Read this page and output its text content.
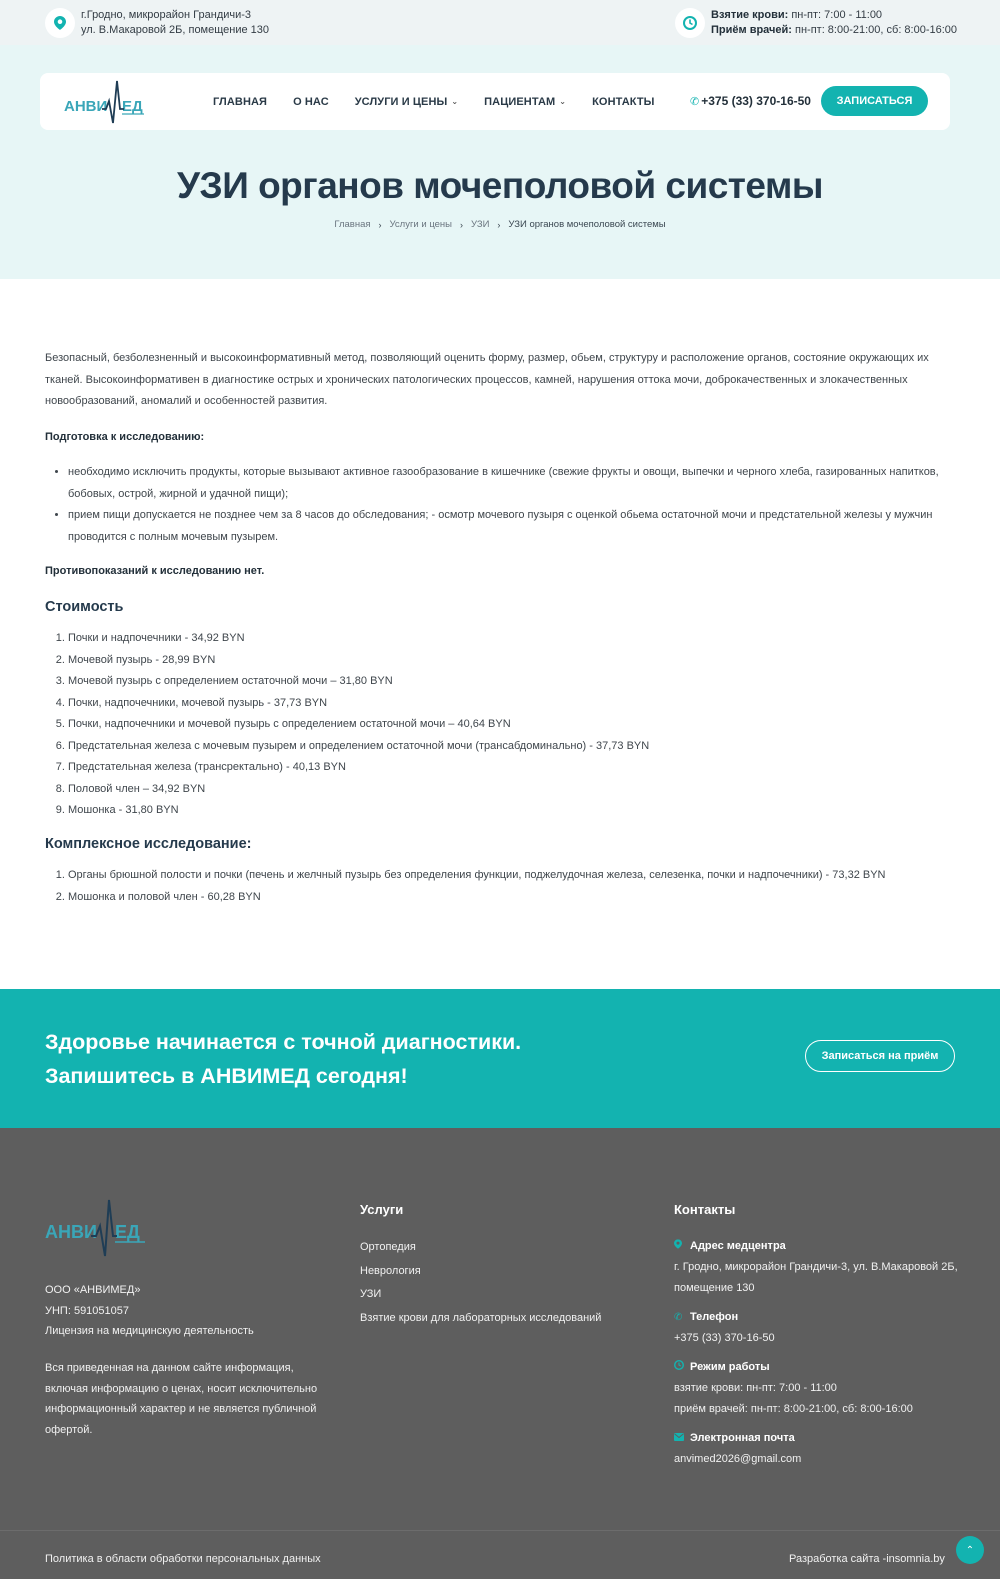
г.Гродно, микрорайон Грандичи-3
ул. В.Макаровой 2Б, помещение 130
Взятие крови: пн-пт: 7:00 - 11:00
Приём врачей: пн-пт: 8:00-21:00, сб: 8:00-16:00
АНВИ ЕД	ГЛАВНАЯ О НАС УСЛУГИ И ЦЕНЫ ⌄ ПАЦИЕНТАМ ⌄ КОНТАКТЫ	✆ +375 (33) 370-16-50	ЗАПИСАТЬСЯ
УЗИ органов мочеполовой системы
Главная › Услуги и цены › УЗИ › УЗИ органов мочеполовой системы

Безопасный, безболезненный и высокоинформативный метод, позволяющий оценить форму, размер, обьем, структуру и расположение органов, состояние окружающих их тканей. Высокоинформативен в диагностике острых и хронических патологических процессов, камней, нарушения оттока мочи, доброкачественных и злокачественных новообразований, аномалий и особенностей развития.

Подготовка к исследованию:

• необходимо исключить продукты, которые вызывают активное газообразование в кишечнике (свежие фрукты и овощи, выпечки и черного хлеба, газированных напитков, бобовых, острой, жирной и удачной пищи);
• прием пищи допускается не позднее чем за 8 часов до обследования; - осмотр мочевого пузыря с оценкой обьема остаточной мочи и предстательной железы у мужчин проводится с полным мочевым пузырем.

Противопоказаний к исследованию нет.

Стоимость
1. Почки и надпочечники - 34,92 BYN
2. Мочевой пузырь - 28,99 BYN
3. Мочевой пузырь с определением остаточной мочи – 31,80 BYN
4. Почки, надпочечники, мочевой пузырь - 37,73 BYN
5. Почки, надпочечники и мочевой пузырь с определением остаточной мочи – 40,64 BYN
6. Предстательная железа с мочевым пузырем и определением остаточной мочи (трансабдоминально) - 37,73 BYN
7. Предстательная железа (трансректально) - 40,13 BYN
8. Половой член – 34,92 BYN
9. Мошонка - 31,80 BYN
Комплексное исследование:
1. Органы брюшной полости и почки (печень и желчный пузырь без определения функции, поджелудочная железа, селезенка, почки и надпочечники) - 73,32 BYN
2. Мошонка и половой член - 60,28 BYN
Здоровье начинается с точной диагностики.
Запишитесь в АНВИМЕД сегодня!
Записаться на приём
АНВИ ЕД
ООО «АНВИМЕД»
УНП: 591051057
Лицензия на медицинскую деятельность
Вся приведенная на данном сайте информация, включая информацию о ценах, носит исключительно информационный характер и не является публичной офертой.
Услуги
Ортопедия
Неврология
УЗИ
Взятие крови для лабораторных исследований
Контакты
Адрес медцентра
г. Гродно, микрорайон Грандичи-3, ул. В.Макаровой 2Б, помещение 130
✆ Телефон
+375 (33) 370-16-50
Режим работы
взятие крови: пн-пт: 7:00 - 11:00
приём врачей: пн-пт: 8:00-21:00, сб: 8:00-16:00
Электронная почта
anvimed2026@gmail.com
Политика в области обработки персональных данных	Разработка сайта -insomnia.by
⌃
